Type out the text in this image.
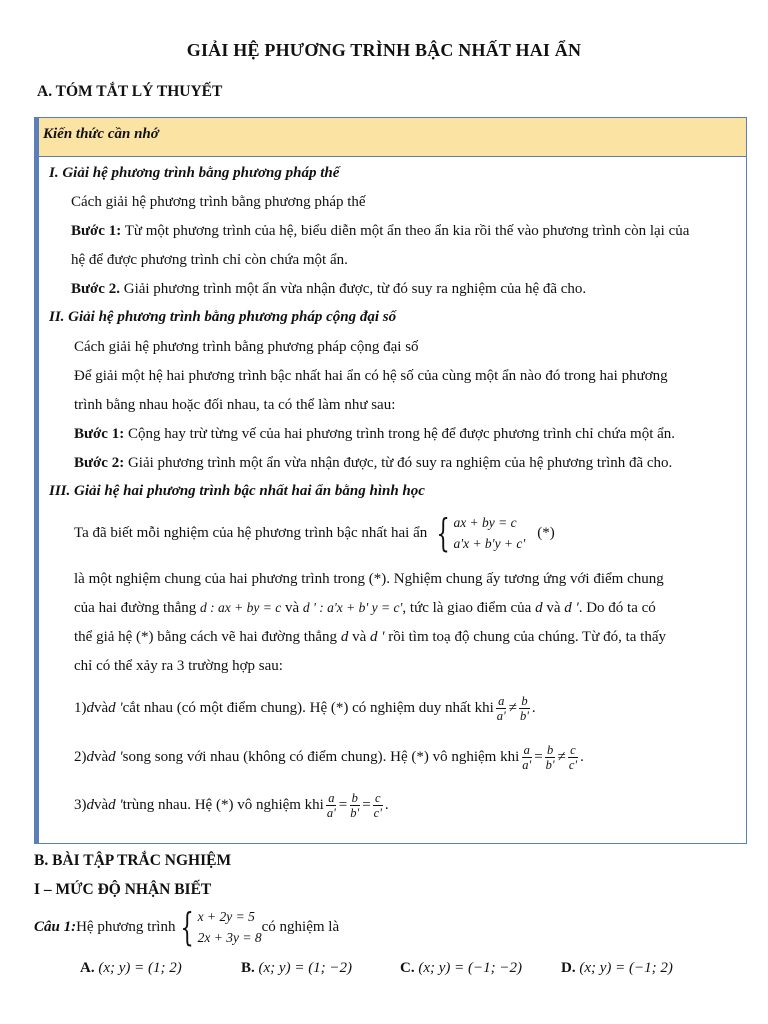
GIẢI HỆ PHƯƠNG TRÌNH BẬC NHẤT HAI ẨN
A. TÓM TẮT LÝ THUYẾT
Kiến thức cần nhớ
I. Giải hệ phương trình bằng phương pháp thế
Cách giải hệ phương trình bằng phương pháp thế
Bước 1: Từ một phương trình của hệ, biểu diễn một ẩn theo ẩn kia rồi thế vào phương trình còn lại của
hệ để được phương trình chỉ còn chứa một ẩn.
Bước 2. Giải phương trình một ẩn vừa nhận được, từ đó suy ra nghiệm của hệ đã cho.
II. Giải hệ phương trình bằng phương pháp cộng đại số
Cách giải hệ phương trình bằng phương pháp cộng đại số
Để giải một hệ hai phương trình bậc nhất hai ẩn có hệ số của cùng một ẩn nào đó trong hai phương
trình bằng nhau hoặc đối nhau, ta có thể làm như sau:
Bước 1: Cộng hay trừ từng vế của hai phương trình trong hệ để được phương trình chỉ chứa một ẩn.
Bước 2: Giải phương trình một ẩn vừa nhận được, từ đó suy ra nghiệm của hệ phương trình đã cho.
III. Giải hệ hai phương trình bậc nhất hai ẩn bằng hình học
Ta đã biết mỗi nghiệm của hệ phương trình bậc nhất hai ẩn { ax + by = c
a'x + b'y + c'
(*)
là một nghiệm chung của hai phương trình trong (*). Nghiệm chung ấy tương ứng với điểm chung
của hai đường thẳng d : ax + by = c và d ' : a'x + b' y = c', tức là giao điểm của d và d '. Do đó ta có
thể giả hệ (*) bằng cách vẽ hai đường thẳng d và d ' rồi tìm toạ độ chung của chúng. Từ đó, ta thấy
chỉ có thể xảy ra 3 trường hợp sau:
1) d và d ' cắt nhau (có một điểm chung). Hệ (*) có nghiệm duy nhất khi $\frac{a}{a'} \ne \frac{b}{b'}$ .
2) d và d ' song song với nhau (không có điểm chung). Hệ (*) vô nghiệm khi $\frac{a}{a'} = \frac{b}{b'} \ne \frac{c}{c'}$ .
3) d và d ' trùng nhau. Hệ (*) vô nghiệm khi $\frac{a}{a'} = \frac{b}{b'} = \frac{c}{c'}$ .
B. BÀI TẬP TRẮC NGHIỆM
I – MỨC ĐỘ NHẬN BIẾT
Câu 1: Hệ phương trình { x + 2y = 5
2x + 3y = 8
có nghiệm là
A. (x; y) = (1; 2)	B. (x; y) = (1; −2)	C. (x; y) = (−1; −2)	D. (x; y) = (−1; 2)
